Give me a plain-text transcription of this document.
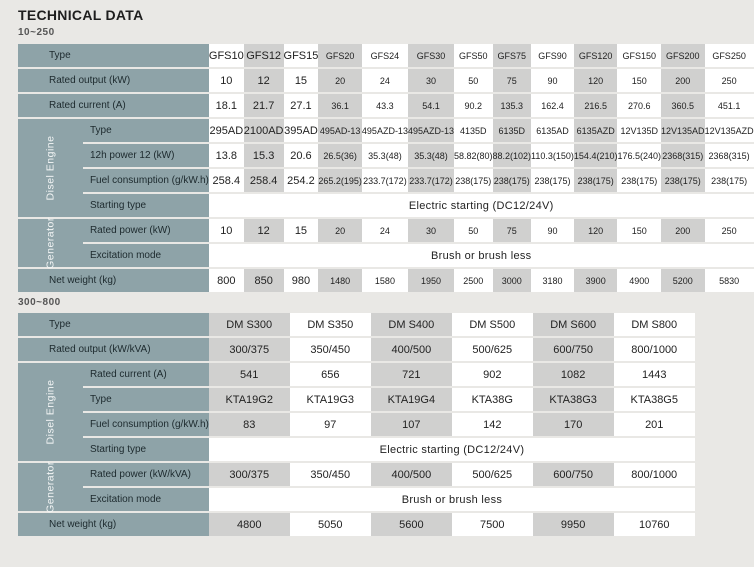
TECHNICAL DATA
10~250
300~800
Type		GFS10	GFS12	GFS15	GFS20	GFS24	GFS30	GFS50	GFS75	GFS90	GFS120	GFS150	GFS200	GFS250
Rated output (kW)		10	12	15	20	24	30	50	75	90	120	150	200	250
Rated current (A)		18.1	21.7	27.1	36.1	43.3	54.1	90.2	135.3	162.4	216.5	270.6	360.5	451.1

Disel Engine	Type	295AD	2100AD	395AD	495AD-13	495AZD-13	495AZD-13	4135D	6135D	6135AD	6135AZD	12V135D	12V135AD	12V135AZD
	12h power 12 (kW)	13.8	15.3	20.6	26.5(36)	35.3(48)	35.3(48)	58.82(80)	88.2(102)	110.3(150)	154.4(210)	176.5(240)	2368(315)	2368(315)
	Fuel consumption (g/kW.h)	258.4	258.4	254.2	265.2(195)	233.7(172)	233.7(172)	238(175)	238(175)	238(175)	238(175)	238(175)	238(175)	238(175)
	Starting type	Electric starting (DC12/24V)												

Generator	Rated power (kW)	10	12	15	20	24	30	50	75	90	120	150	200	250
	Excitation mode	Brush or brush less												
Net weight (kg)		800	850	980	1480	1580	1950	2500	3000	3180	3900	4900	5200	5830
Type		DM S300	DM S350	DM S400	DM S500	DM S600	DM S800
Rated output (kW/kVA)		300/375	350/450	400/500	500/625	600/750	800/1000

Disel Engine	Rated current (A)	541	656	721	902	1082	1443
	Type	KTA19G2	KTA19G3	KTA19G4	KTA38G	KTA38G3	KTA38G5
	Fuel consumption (g/kW.h)	83	97	107	142	170	201
	Starting type	Electric starting (DC12/24V)					

Generator	Rated power (kW/kVA)	300/375	350/450	400/500	500/625	600/750	800/1000
	Excitation mode	Brush or brush less					
Net weight (kg)		4800	5050	5600	7500	9950	10760
